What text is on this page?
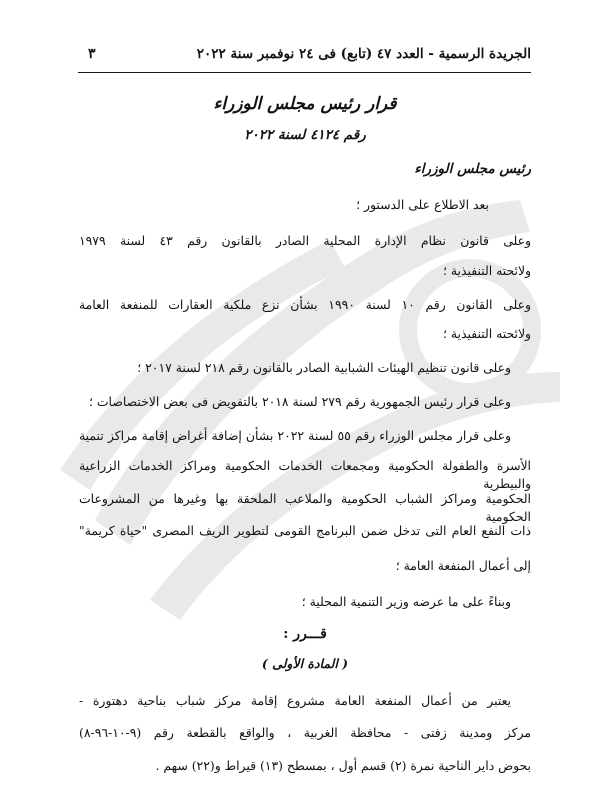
الجريدة الرسمية - العدد ٤٧ (تابع) فى ٢٤ نوفمبر سنة ٢٠٢٢
٣
قرار رئيس مجلس الوزراء
رقم ٤١٢٤ لسنة ٢٠٢٢
رئيس مجلس الوزراء
بعد الاطلاع على الدستور ؛
وعلى قانون نظام الإدارة المحلية الصادر بالقانون رقم ٤٣ لسنة ١٩٧٩
ولائحته التنفيذية ؛
وعلى القانون رقم ١٠ لسنة ١٩٩٠ بشأن نزع ملكية العقارات للمنفعة العامة
ولائحته التنفيذية ؛
وعلى قانون تنظيم الهيئات الشبابية الصادر بالقانون رقم ٢١٨ لسنة ٢٠١٧ ؛
وعلى قرار رئيس الجمهورية رقم ٢٧٩ لسنة ٢٠١٨ بالتفويض فى بعض الاختصاصات ؛
وعلى قرار مجلس الوزراء رقم ٥٥ لسنة ٢٠٢٢ بشأن إضافة أغراض إقامة مراكز تنمية
الأسرة والطفولة الحكومية ومجمعات الخدمات الحكومية ومراكز الخدمات الزراعية والبيطرية
الحكومية ومراكز الشباب الحكومية والملاعب الملحقة بها وغيرها من المشروعات الحكومية
ذات النفع العام التى تدخل ضمن البرنامج القومى لتطوير الريف المصرى "حياة كريمة"
إلى أعمال المنفعة العامة ؛
وبناءً على ما عرضه وزير التنمية المحلية ؛
قـــرر :
( المادة الأولى )
يعتبر من أعمال المنفعة العامة مشروع إقامة مركز شباب بناحية دهتورة -
مركز ومدينة زفتى - محافظة الغربية ، والواقع بالقطعة رقم (٩-١٠-٩٦-٨)
بحوض داير الناحية نمرة (٢) قسم أول ، بمسطح (١٣) قيراط و(٢٢) سهم .
